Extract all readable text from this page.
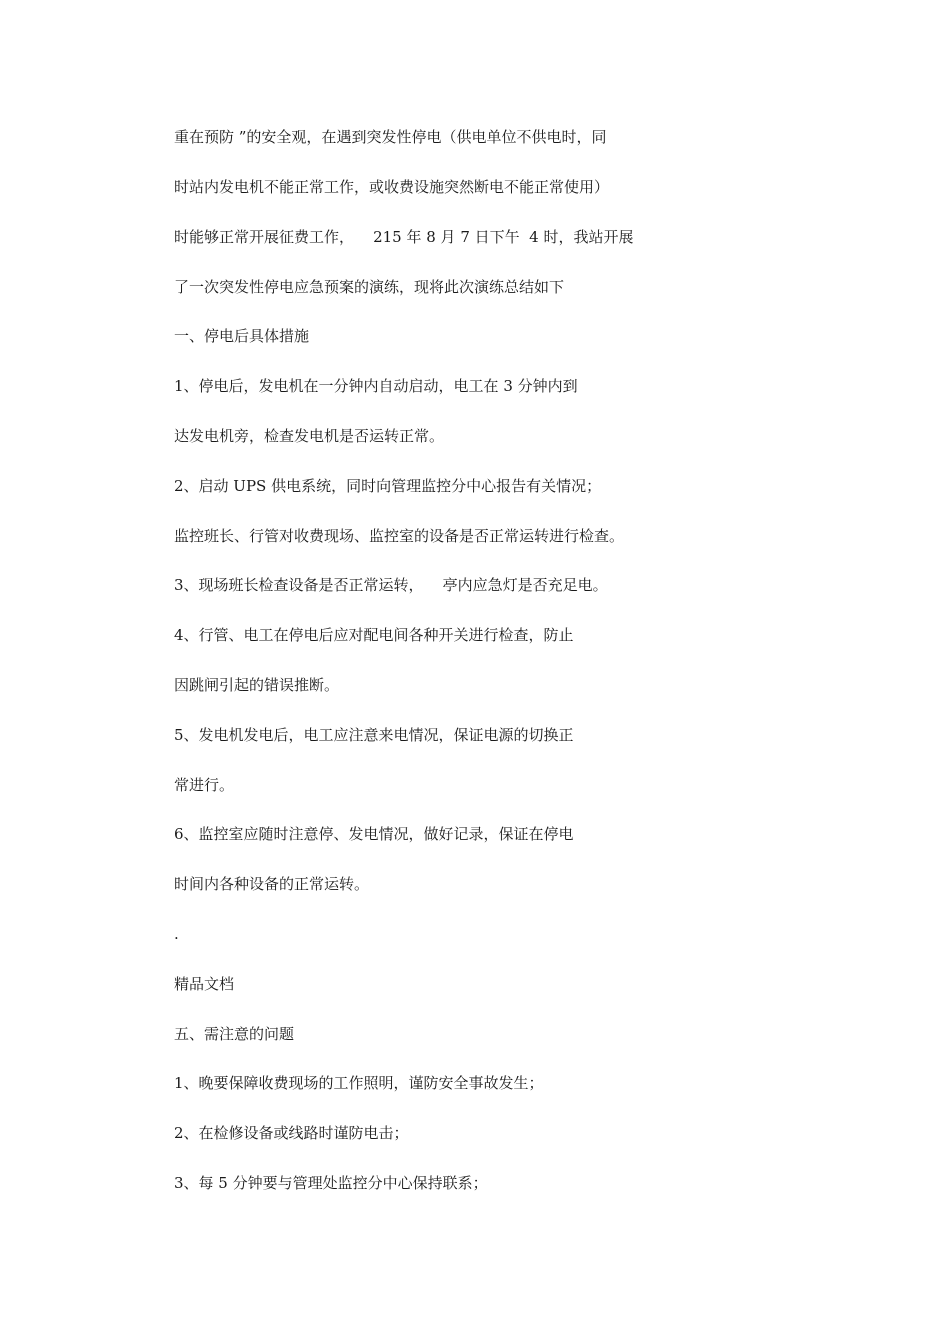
重在预防 ”的安全观，在遇到突发性停电（供电单位不供电时，同

时站内发电机不能正常工作，或收费设施突然断电不能正常使用）

时能够正常开展征费工作，    215 年 8 月 7 日下午  4 时，我站开展

了一次突发性停电应急预案的演练，现将此次演练总结如下

一、停电后具体措施

1、停电后，发电机在一分钟内自动启动，电工在 3 分钟内到

达发电机旁，检查发电机是否运转正常。

2、启动 UPS 供电系统，同时向管理监控分中心报告有关情况；

监控班长、行管对收费现场、监控室的设备是否正常运转进行检查。

3、现场班长检查设备是否正常运转，    亭内应急灯是否充足电。

4、行管、电工在停电后应对配电间各种开关进行检查，防止

因跳闸引起的错误推断。

5、发电机发电后，电工应注意来电情况，保证电源的切换正

常进行。

6、监控室应随时注意停、发电情况，做好记录，保证在停电

时间内各种设备的正常运转。

.

精品文档

五、需注意的问题

1、晚要保障收费现场的工作照明，谨防安全事故发生；

2、在检修设备或线路时谨防电击；

3、每 5 分钟要与管理处监控分中心保持联系；
